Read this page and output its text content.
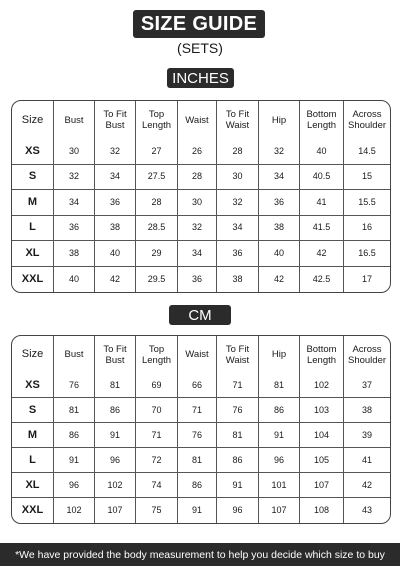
SIZE GUIDE
(SETS)
INCHES
Size	Bust	To Fit Bust	Top Length	Waist	To Fit Waist	Hip	Bottom Length	Across Shoulder
XS	30	32	27	26	28	32	40	14.5
S	32	34	27.5	28	30	34	40.5	15
M	34	36	28	30	32	36	41	15.5
L	36	38	28.5	32	34	38	41.5	16
XL	38	40	29	34	36	40	42	16.5
XXL	40	42	29.5	36	38	42	42.5	17
CM
Size	Bust	To Fit Bust	Top Length	Waist	To Fit Waist	Hip	Bottom Length	Across Shoulder
XS	76	81	69	66	71	81	102	37
S	81	86	70	71	76	86	103	38
M	86	91	71	76	81	91	104	39
L	91	96	72	81	86	96	105	41
XL	96	102	74	86	91	101	107	42
XXL	102	107	75	91	96	107	108	43
*We have provided the body measurement to help you decide which size to buy
